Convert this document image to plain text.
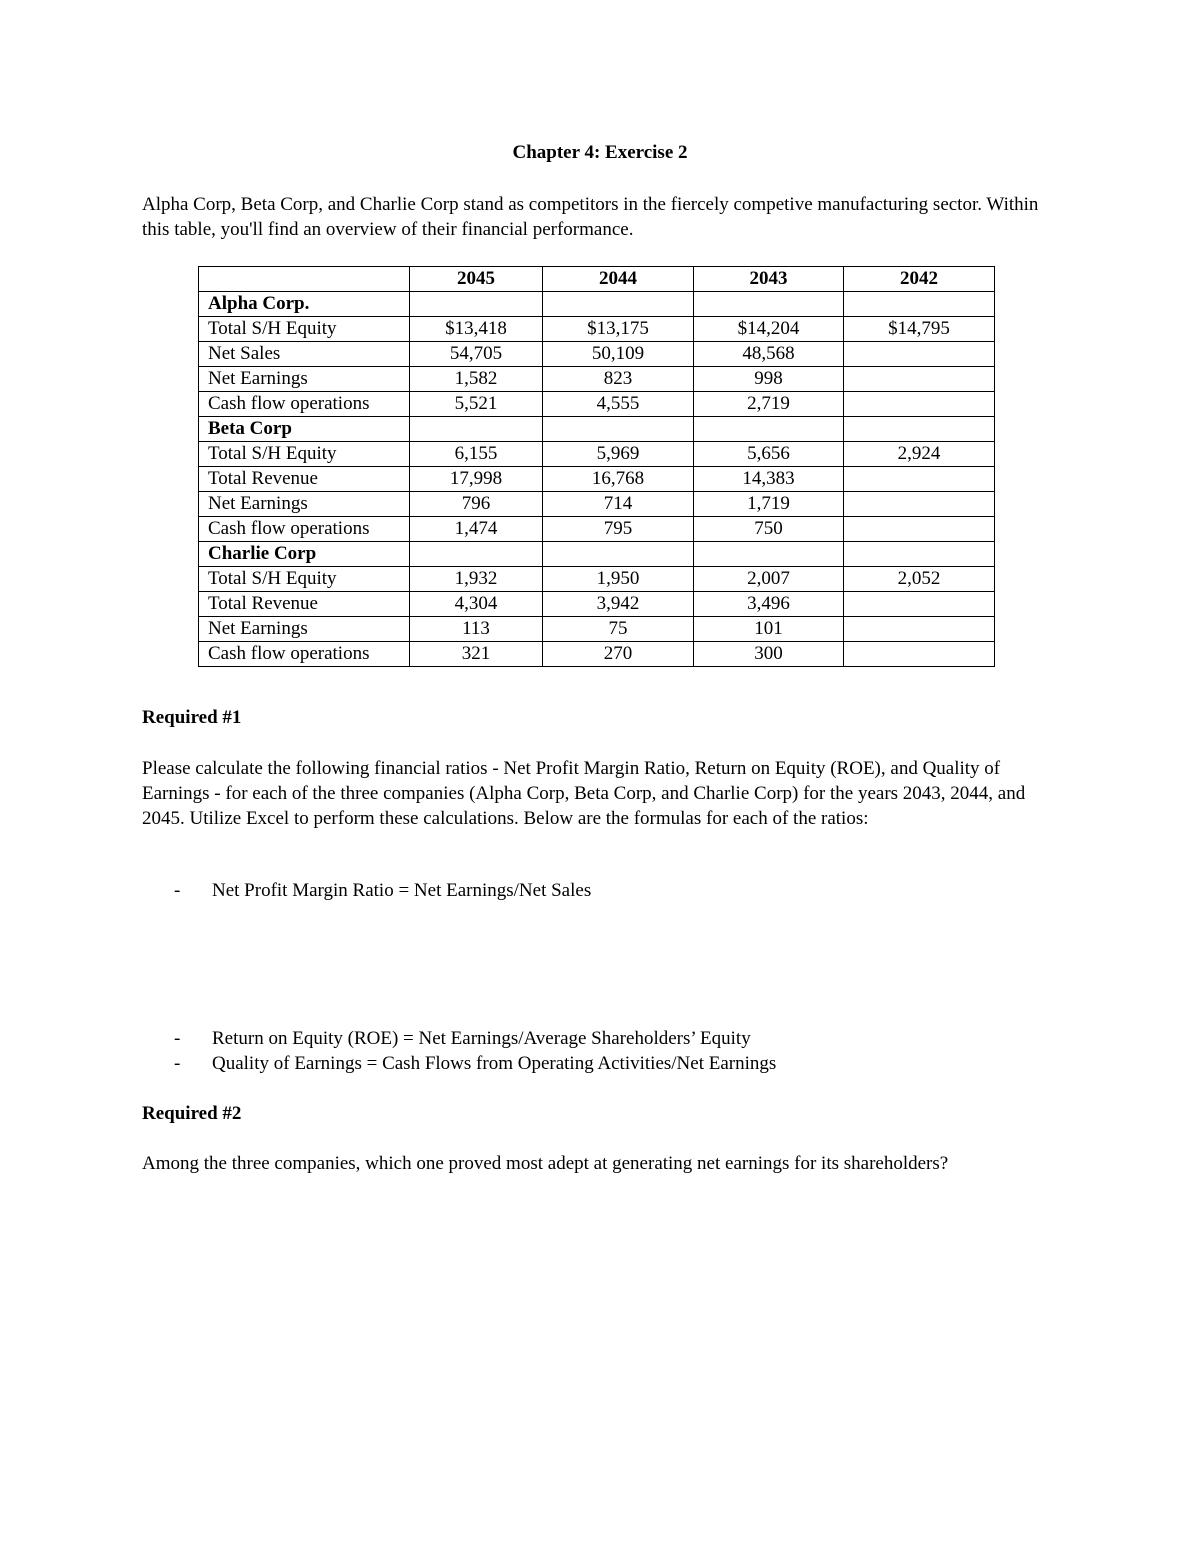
Chapter 4: Exercise 2
Alpha Corp, Beta Corp, and Charlie Corp stand as competitors in the fiercely competive manufacturing sector. Within this table, you'll find an overview of their financial performance.
	2045	2044	2043	2042
Alpha Corp.				
Total S/H Equity	$13,418	$13,175	$14,204	$14,795
Net Sales	54,705	50,109	48,568	
Net Earnings	1,582	823	998	
Cash flow operations	5,521	4,555	2,719	
Beta Corp				
Total S/H Equity	6,155	5,969	5,656	2,924
Total Revenue	17,998	16,768	14,383	
Net Earnings	796	714	1,719	
Cash flow operations	1,474	795	750	
Charlie Corp				
Total S/H Equity	1,932	1,950	2,007	2,052
Total Revenue	4,304	3,942	3,496	
Net Earnings	113	75	101	
Cash flow operations	321	270	300	
Required #1
Please calculate the following financial ratios - Net Profit Margin Ratio, Return on Equity (ROE), and Quality of Earnings - for each of the three companies (Alpha Corp, Beta Corp, and Charlie Corp) for the years 2043, 2044, and 2045. Utilize Excel to perform these calculations. Below are the formulas for each of the ratios:
-	Net Profit Margin Ratio = Net Earnings/Net Sales
-	Return on Equity (ROE) = Net Earnings/Average Shareholders’ Equity
-	Quality of Earnings = Cash Flows from Operating Activities/Net Earnings
Required #2
Among the three companies, which one proved most adept at generating net earnings for its shareholders?
